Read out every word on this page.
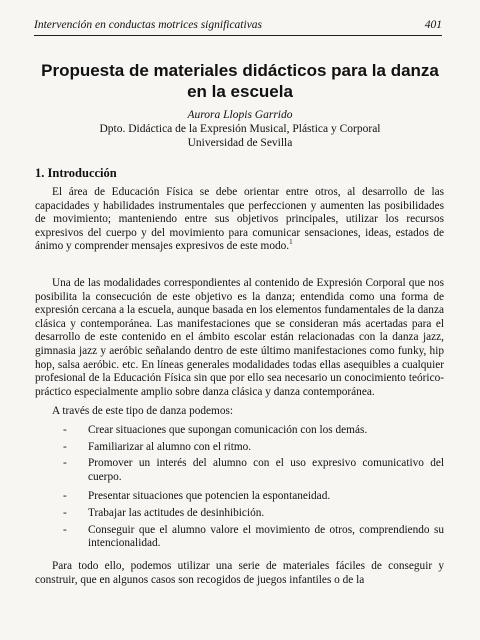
Intervención en conductas motrices significativas	401
Propuesta de materiales didácticos para la danza en la escuela
Aurora Llopis Garrido
Dpto. Didáctica de la Expresión Musical, Plástica y Corporal
Universidad de Sevilla
1. Introducción

El área de Educación Física se debe orientar entre otros, al desarrollo de las capacidades y habilidades instrumentales que perfeccionen y aumenten las posibilidades de movimiento; manteniendo entre sus objetivos principales, utilizar los recursos expresivos del cuerpo y del movimiento para comunicar sensaciones, ideas, estados de ánimo y comprender mensajes expresivos de este modo.$^1$

Una de las modalidades correspondientes al contenido de Expresión Corporal que nos posibilita la consecución de este objetivo es la danza; entendida como una forma de expresión cercana a la escuela, aunque basada en los elementos fundamentales de la danza clásica y contemporánea. Las manifestaciones que se consideran más acertadas para el desarrollo de este contenido en el ámbito escolar están relacionadas con la danza jazz, gimnasia jazz y aeróbic señalando dentro de este último manifestaciones como funky, hip hop, salsa aeróbic. etc. En líneas generales modalidades todas ellas asequibles a cualquier profesional de la Educación Física sin que por ello sea necesario un conocimiento teórico-práctico especialmente amplio sobre danza clásica y danza contemporánea.

A través de este tipo de danza podemos:

- Crear situaciones que supongan comunicación con los demás.
- Familiarizar al alumno con el ritmo.
- Promover un interés del alumno con el uso expresivo comunicativo del cuerpo.
- Presentar situaciones que potencien la espontaneidad.
- Trabajar las actitudes de desinhibición.
- Conseguir que el alumno valore el movimiento de otros, comprendiendo su intencionalidad.

Para todo ello, podemos utilizar una serie de materiales fáciles de conseguir y construir, que en algunos casos son recogidos de juegos infantiles o de la
